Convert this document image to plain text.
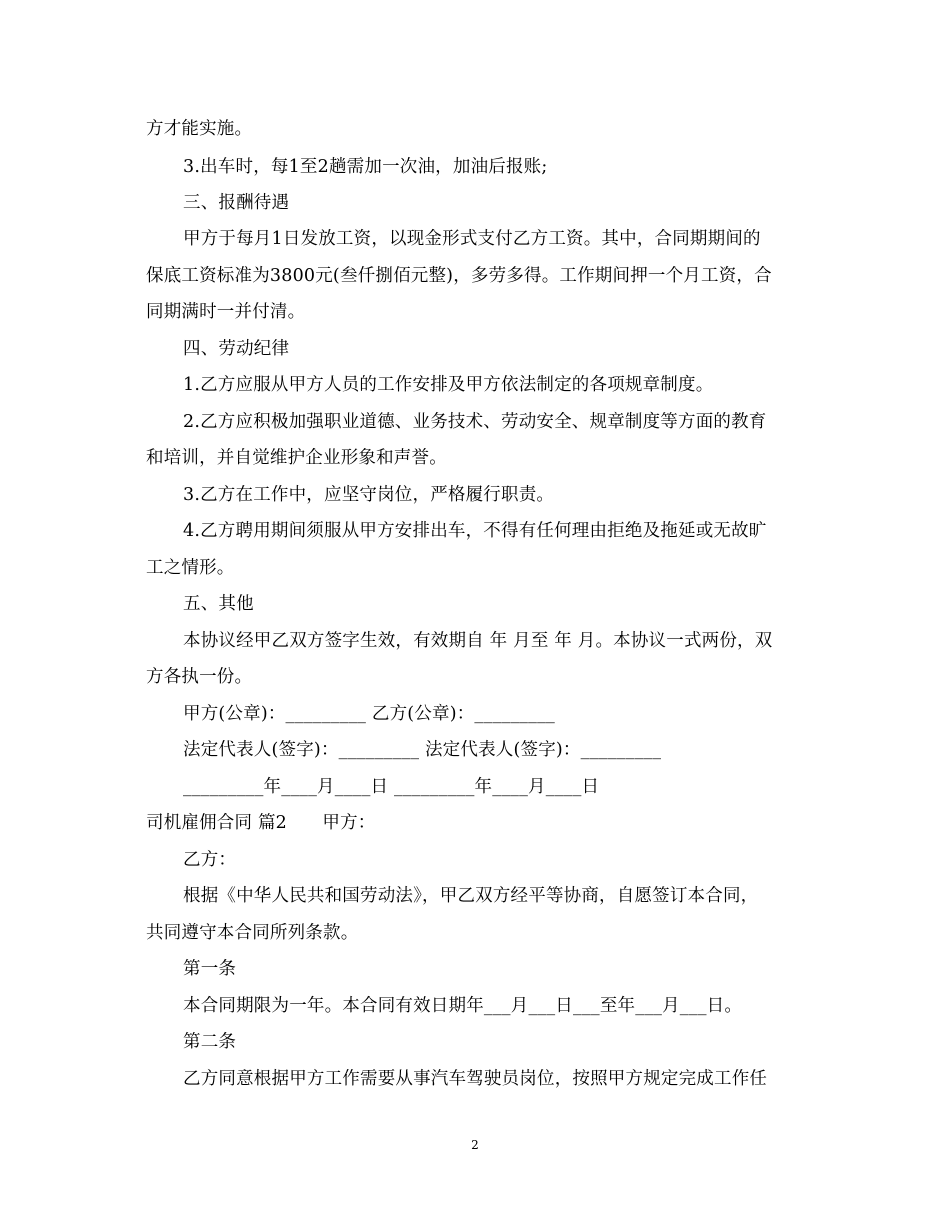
方才能实施。
3.出车时，每1至2趟需加一次油，加油后报账;
三、报酬待遇
甲方于每月1日发放工资，以现金形式支付乙方工资。其中，合同期期间的
保底工资标准为3800元(叁仟捌佰元整)，多劳多得。工作期间押一个月工资，合
同期满时一并付清。
四、劳动纪律
1.乙方应服从甲方人员的工作安排及甲方依法制定的各项规章制度。
2.乙方应积极加强职业道德、业务技术、劳动安全、规章制度等方面的教育
和培训，并自觉维护企业形象和声誉。
3.乙方在工作中，应坚守岗位，严格履行职责。
4.乙方聘用期间须服从甲方安排出车，不得有任何理由拒绝及拖延或无故旷
工之情形。
五、其他
本协议经甲乙双方签字生效，有效期自 年 月至 年 月。本协议一式两份，双
方各执一份。
甲方(公章)：_________ 乙方(公章)：_________
法定代表人(签字)：_________ 法定代表人(签字)：_________
_________年____月____日 _________年____月____日
司机雇佣合同 篇2　　甲方：
乙方：
根据《中华人民共和国劳动法》，甲乙双方经平等协商，自愿签订本合同，
共同遵守本合同所列条款。
第一条
本合同期限为一年。本合同有效日期年___月___日___至年___月___日。
第二条
乙方同意根据甲方工作需要从事汽车驾驶员岗位，按照甲方规定完成工作任
2
